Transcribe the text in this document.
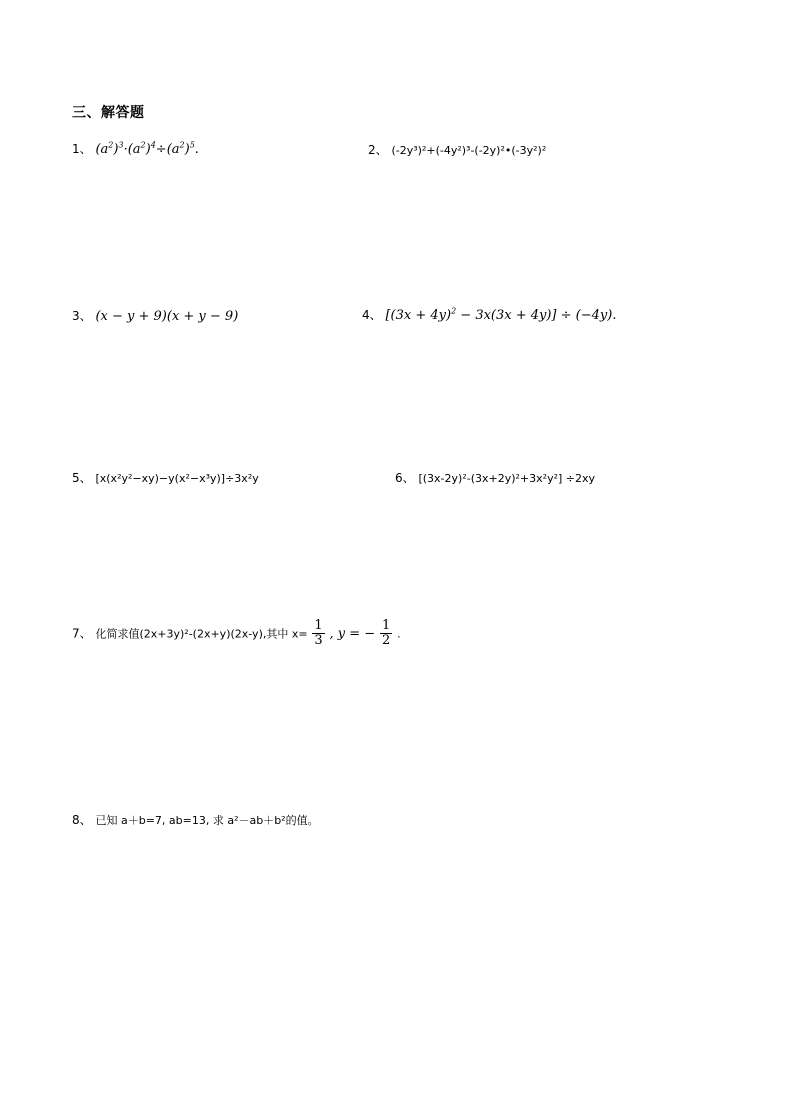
三、解答题
1、 $(a^2)^3\cdot(a^2)^4\div(a^2)^5$.	2、 (-2y³)²+(-4y²)³-(-2y)²•(-3y²)²
3、 (x − y + 9)(x + y − 9)	4、 $[(3x + 4y)^2 - 3x(3x + 4y)] \div (-4y)$.
5、 [x(x²y²−xy)−y(x²−x³y)]÷3x²y	6、 [(3x-2y)²-(3x+2y)²+3x²y²] ÷2xy
7、 化简求值(2x+3y)²-(2x+y)(2x-y),其中 $x= \frac{1}{3}$ , y = − $\frac{1}{2}$ .
8、 已知 a＋b=7, ab=13, 求 a²－ab＋b²的值。
